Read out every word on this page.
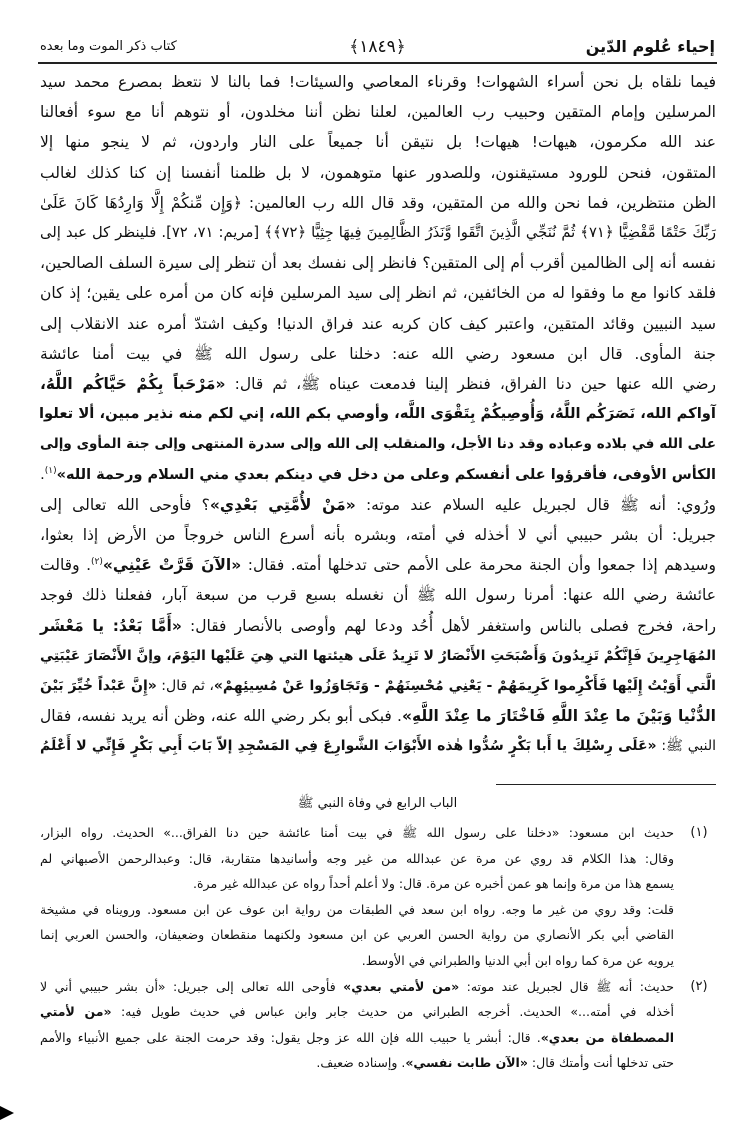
إحياء عُلوم الدّين
﴿١٨٤٩﴾
كتاب ذكر الموت وما بعده
فيما نلقاه بل نحن أسراء الشهوات! وقرناء المعاصي والسيئات! فما بالنا لا نتعظ بمصرع محمد سيد
المرسلين وإمام المتقين وحبيب رب العالمين، لعلنا نظن أننا مخلدون، أو نتوهم أنا مع سوء أفعالنا
عند الله مكرمون، هيهات! هيهات! بل نتيقن أنا جميعاً على النار واردون، ثم لا ينجو منها إلا
المتقون، فنحن للورود مستيقنون، وللصدور عنها متوهمون، لا بل ظلمنا أنفسنا إن كنا كذلك لغالب
الظن منتظرين، فما نحن والله من المتقين، وقد قال الله رب العالمين: ﴿وَإِن مِّنكُمْ إِلَّا وَارِدُهَا كَانَ عَلَىٰ
رَبِّكَ حَتْمًا مَّقْضِيًّا ﴿٧١﴾ ثُمَّ نُنَجِّي الَّذِينَ اتَّقَوا وَّنَذَرُ الظَّالِمِينَ فِيهَا جِثِيًّا ﴿٧٢﴾﴾ [مريم: ٧١، ٧٢]. فلينظر كل عبد إلى
نفسه أنه إلى الظالمين أقرب أم إلى المتقين؟ فانظر إلى نفسك بعد أن تنظر إلى سيرة السلف الصالحين،
فلقد كانوا مع ما وفقوا له من الخائفين، ثم انظر إلى سيد المرسلين فإنه كان من أمره على يقين؛ إذ كان
سيد النبيين وقائد المتقين، واعتبر كيف كان كربه عند فراق الدنيا! وكيف اشتدّ أمره عند الانقلاب إلى
جنة المأوى. قال ابن مسعود رضي الله عنه: دخلنا على رسول الله ﷺ في بيت أمنا عائشة
رضي الله عنها حين دنا الفراق، فنظر إلينا فدمعت عيناه ﷺ، ثم قال: «مَرْحَباً بِكُمْ حَيَّاكُم اللَّهُ،
آواكم الله، نَصَرَكُم اللَّهُ، وَأُوصِيكُمْ بِتَقْوَى اللَّه، وأوصي بكم الله، إني لكم منه نذير مبين، ألا تعلوا
على الله في بلاده وعباده وقد دنا الأجل، والمنقلب إلى الله وإلى سدرة المنتهى وإلى جنة المأوى وإلى
الكأس الأوفى، فأقرؤوا على أنفسكم وعلى من دخل في دينكم بعدي مني السلام ورحمة الله»$^{(١)}$.
ورُوي: أنه ﷺ قال لجبريل عليه السلام عند موته: «مَنْ لأُمَّتِي بَعْدِي»؟ فأوحى الله تعالى إلى
جبريل: أن بشر حبيبي أني لا أخذله في أمته، وبشره بأنه أسرع الناس خروجاً من الأرض إذا بعثوا،
وسيدهم إذا جمعوا وأن الجنة محرمة على الأمم حتى تدخلها أمته. فقال: «الآنَ قَرَّتْ عَيْنِي»$^{(٢)}$. وقالت
عائشة رضي الله عنها: أمرنا رسول الله ﷺ أن نغسله بسبع قرب من سبعة آبار، ففعلنا ذلك فوجد
راحة، فخرج فصلى بالناس واستغفر لأهل أُحُد ودعا لهم وأوصى بالأنصار فقال: «أَمَّا بَعْدُ: يا مَعْشَر
المُهَاجِرِينَ فَإِنَّكُمْ تَزِيدُونَ وَأَصْبَحَتِ الأَنْصَارُ لا تَزِيدُ عَلَى هيئتها التي هِيَ عَلَيْها اليَوْمَ، وإنَّ الأَنْصَارَ عَيْبَتِي
الَّتي أَوَيْتُ إِلَيْها فَأَكْرِموا كَرِيمَهُمْ - يَعْنِي مُحْسِنَهُمْ - وَتَجَاوَزُوا عَنْ مُسِيئِهِمْ»، ثم قال: «إِنَّ عَبْداً خُيِّرَ بَيْنَ
الدُّنْيا وَبَيْنَ ما عِنْدَ اللَّهِ فَاخْتَارَ ما عِنْدَ اللَّهِ». فبكى أبو بكر رضي الله عنه، وظن أنه يريد نفسه، فقال
النبي ﷺ: «عَلَى رِسْلِكَ يا أَبا بَكْرٍ سُدُّوا هٰذه الأَبْوَابَ الشَّوارِعَ فِي المَسْجِدِ إلاّ بَابَ أَبِي بَكْرٍ فَإِنِّي لا أَعْلَمُ
الباب الرابع في وفاة النبي ﷺ
(١)
حديث ابن مسعود: «دخلنا على رسول الله ﷺ في بيت أمنا عائشة حين دنا الفراق...» الحديث. رواه البزار،
وقال: هذا الكلام قد روي عن مرة عن عبدالله من غير وجه وأسانيدها متقاربة، قال: وعبدالرحمن الأصبهاني لم
يسمع هذا من مرة وإنما هو عمن أخبره عن مرة. قال: ولا أعلم أحداً رواه عن عبدالله غير مرة.
قلت: وقد روي من غير ما وجه. رواه ابن سعد في الطبقات من رواية ابن عوف عن ابن مسعود. ورويناه في مشيخة
القاضي أبي بكر الأنصاري من رواية الحسن العربي عن ابن مسعود ولكنهما منقطعان وضعيفان، والحسن العربي إنما
يرويه عن مرة كما رواه ابن أبي الدنيا والطبراني في الأوسط.
(٢)
حديث: أنه ﷺ قال لجبريل عند موته: «من لأمتي بعدي» فأوحى الله تعالى إلى جبريل: «أن بشر حبيبي أني لا
أخذله في أمته...» الحديث. أخرجه الطبراني من حديث جابر وابن عباس في حديث طويل فيه: «من لأمتي
المصطفاة من بعدي». قال: أبشر يا حبيب الله فإن الله عز وجل يقول: وقد حرمت الجنة على جميع الأنبياء والأمم
حتى تدخلها أنت وأمتك قال: «الآن طابت نفسي». وإسناده ضعيف.
